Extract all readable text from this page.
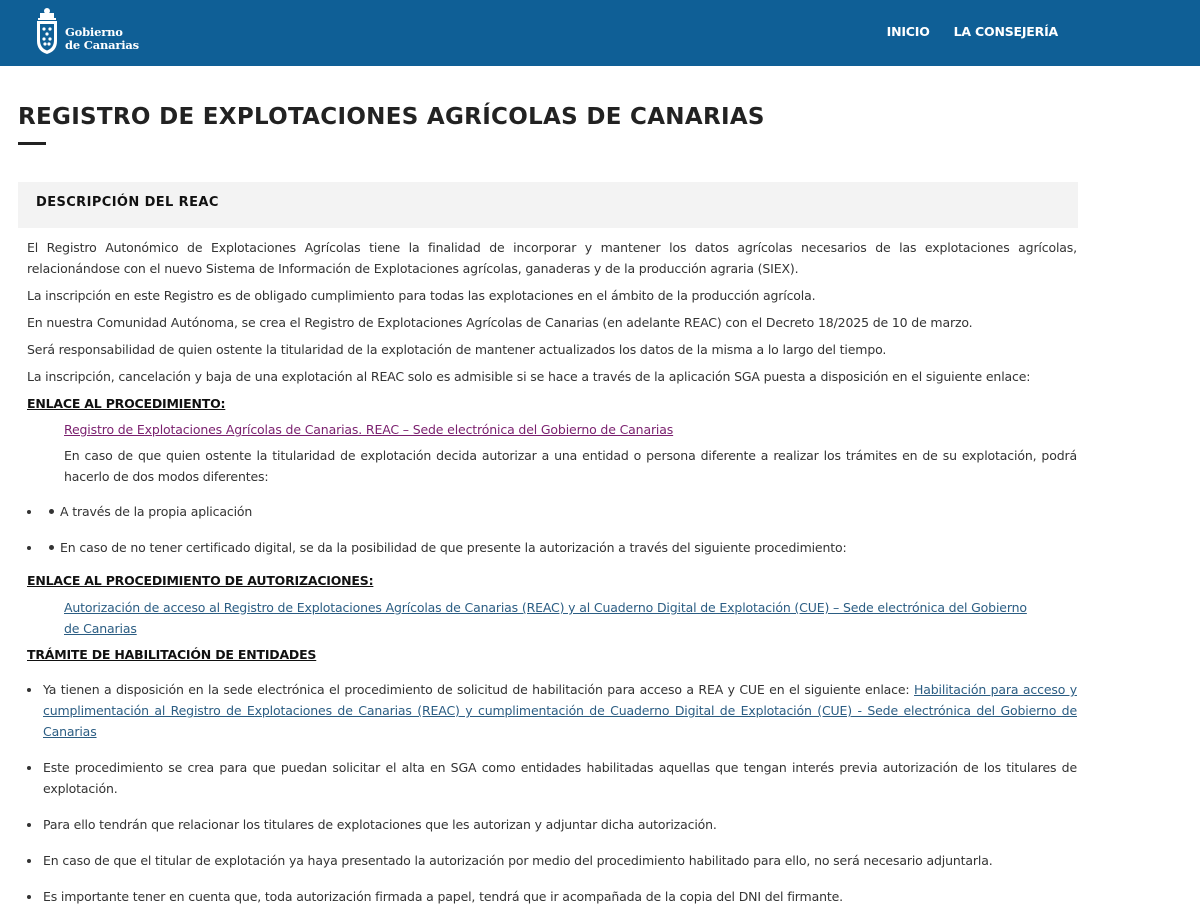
Gobierno
de Canarias
INICIO LA CONSEJERÍA
REGISTRO DE EXPLOTACIONES AGRÍCOLAS DE CANARIAS
DESCRIPCIÓN DEL REAC

El Registro Autonómico de Explotaciones Agrícolas tiene la finalidad de incorporar y mantener los datos agrícolas necesarios de las explotaciones agrícolas, relacionándose con el nuevo Sistema de Información de Explotaciones agrícolas, ganaderas y de la producción agraria (SIEX).

La inscripción en este Registro es de obligado cumplimiento para todas las explotaciones en el ámbito de la producción agrícola.

En nuestra Comunidad Autónoma, se crea el Registro de Explotaciones Agrícolas de Canarias (en adelante REAC) con el Decreto 18/2025 de 10 de marzo.

Será responsabilidad de quien ostente la titularidad de la explotación de mantener actualizados los datos de la misma a lo largo del tiempo.

La inscripción, cancelación y baja de una explotación al REAC solo es admisible si se hace a través de la aplicación SGA puesta a disposición en el siguiente enlace:

ENLACE AL PROCEDIMIENTO:

Registro de Explotaciones Agrícolas de Canarias. REAC – Sede electrónica del Gobierno de Canarias

En caso de que quien ostente la titularidad de explotación decida autorizar a una entidad o persona diferente a realizar los trámites en de su explotación, podrá hacerlo de dos modos diferentes:

A través de la propia aplicación
En caso de no tener certificado digital, se da la posibilidad de que presente la autorización a través del siguiente procedimiento:
ENLACE AL PROCEDIMIENTO DE AUTORIZACIONES:

Autorización de acceso al Registro de Explotaciones Agrícolas de Canarias (REAC) y al Cuaderno Digital de Explotación (CUE) – Sede electrónica del Gobierno de Canarias

TRÁMITE DE HABILITACIÓN DE ENTIDADES
Ya tienen a disposición en la sede electrónica el procedimiento de solicitud de habilitación para acceso a REA y CUE en el siguiente enlace: Habilitación para acceso y cumplimentación al Registro de Explotaciones de Canarias (REAC) y cumplimentación de Cuaderno Digital de Explotación (CUE) - Sede electrónica del Gobierno de Canarias
Este procedimiento se crea para que puedan solicitar el alta en SGA como entidades habilitadas aquellas que tengan interés previa autorización de los titulares de explotación.
Para ello tendrán que relacionar los titulares de explotaciones que les autorizan y adjuntar dicha autorización.
En caso de que el titular de explotación ya haya presentado la autorización por medio del procedimiento habilitado para ello, no será necesario adjuntarla.
Es importante tener en cuenta que, toda autorización firmada a papel, tendrá que ir acompañada de la copia del DNI del firmante.
